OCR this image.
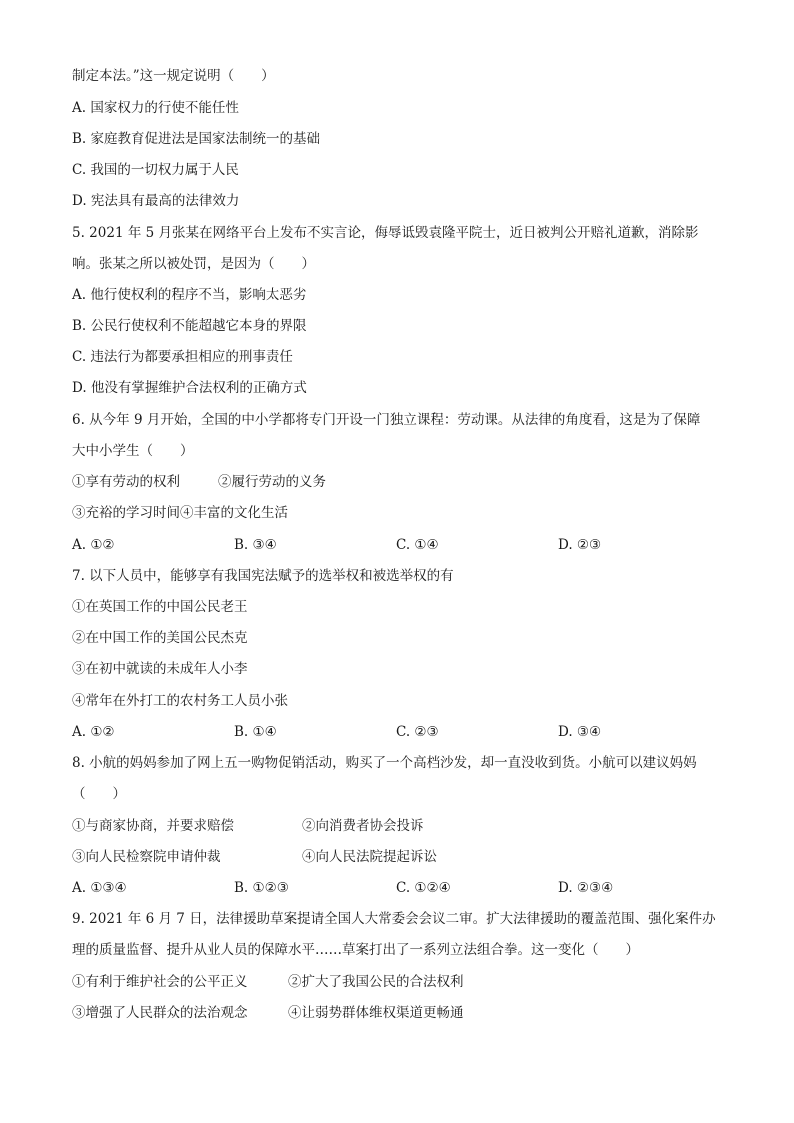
制定本法。”这一规定说明（　　）
A. 国家权力的行使不能任性
B. 家庭教育促进法是国家法制统一的基础
C. 我国的一切权力属于人民
D. 宪法具有最高的法律效力
5. 2021 年 5 月张某在网络平台上发布不实言论，侮辱诋毁袁隆平院士，近日被判公开赔礼道歉，消除影
响。张某之所以被处罚，是因为（　　）
A. 他行使权利的程序不当，影响太恶劣
B. 公民行使权利不能超越它本身的界限
C. 违法行为都要承担相应的刑事责任
D. 他没有掌握维护合法权利的正确方式
6. 从今年 9 月开始，全国的中小学都将专门开设一门独立课程：劳动课。从法律的角度看，这是为了保障
大中小学生（　　）
①享有劳动的权利	②履行劳动的义务
③充裕的学习时间④丰富的文化生活
A. ①②	B. ③④	C. ①④	D. ②③
7. 以下人员中，能够享有我国宪法赋予的选举权和被选举权的有
①在英国工作的中国公民老王
②在中国工作的美国公民杰克
③在初中就读的未成年人小李
④常年在外打工的农村务工人员小张
A. ①②	B. ①④	C. ②③	D. ③④
8. 小航的妈妈参加了网上五一购物促销活动，购买了一个高档沙发，却一直没收到货。小航可以建议妈妈
（　　）
①与商家协商，并要求赔偿	②向消费者协会投诉
③向人民检察院申请仲裁	④向人民法院提起诉讼
A. ①③④	B. ①②③	C. ①②④	D. ②③④
9. 2021 年 6 月 7 日，法律援助草案提请全国人大常委会会议二审。扩大法律援助的覆盖范围、强化案件办
理的质量监督、提升从业人员的保障水平……草案打出了一系列立法组合拳。这一变化（　　）
①有利于维护社会的公平正义	②扩大了我国公民的合法权利
③增强了人民群众的法治观念	④让弱势群体维权渠道更畅通
